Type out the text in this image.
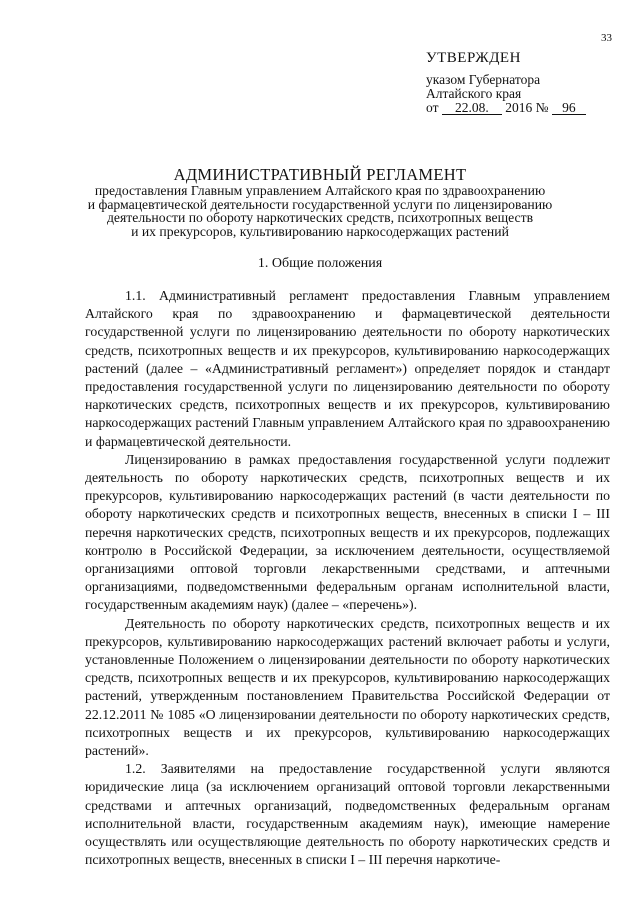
33
УТВЕРЖДЕН
указом Губернатора
Алтайского края
от 22.08. 2016 № 96
АДМИНИСТРАТИВНЫЙ РЕГЛАМЕНТ
предоставления Главным управлением Алтайского края по здравоохранению
и фармацевтической деятельности государственной услуги по лицензированию
деятельности по обороту наркотических средств, психотропных веществ
и их прекурсоров, культивированию наркосодержащих растений
1. Общие положения

1.1. Административный регламент предоставления Главным управлением Алтайского края по здравоохранению и фармацевтической деятельности государственной услуги по лицензированию деятельности по обороту наркотических средств, психотропных веществ и их прекурсоров, культивированию наркосодержащих растений (далее – «Административный регламент») определяет порядок и стандарт предоставления государственной услуги по лицензированию деятельности по обороту наркотических средств, психотропных веществ и их прекурсоров, культивированию наркосодержащих растений Главным управлением Алтайского края по здравоохранению и фармацевтической деятельности.

Лицензированию в рамках предоставления государственной услуги подлежит деятельность по обороту наркотических средств, психотропных веществ и их прекурсоров, культивированию наркосодержащих растений (в части деятельности по обороту наркотических средств и психотропных веществ, внесенных в списки I – III перечня наркотических средств, психотропных веществ и их прекурсоров, подлежащих контролю в Российской Федерации, за исключением деятельности, осуществляемой организациями оптовой торговли лекарственными средствами, и аптечными организациями, подведомственными федеральным органам исполнительной власти, государственным академиям наук) (далее – «перечень»).

Деятельность по обороту наркотических средств, психотропных веществ и их прекурсоров, культивированию наркосодержащих растений включает работы и услуги, установленные Положением о лицензировании деятельности по обороту наркотических средств, психотропных веществ и их прекурсоров, культивированию наркосодержащих растений, утвержденным постановлением Правительства Российской Федерации от 22.12.2011 № 1085 «О лицензировании деятельности по обороту наркотических средств, психотропных веществ и их прекурсоров, культивированию наркосодержащих растений».

1.2. Заявителями на предоставление государственной услуги являются юридические лица (за исключением организаций оптовой торговли лекарственными средствами и аптечных организаций, подведомственных федеральным органам исполнительной власти, государственным академиям наук), имеющие намерение осуществлять или осуществляющие деятельность по обороту наркотических средств и психотропных веществ, внесенных в списки I – III перечня наркотиче-
